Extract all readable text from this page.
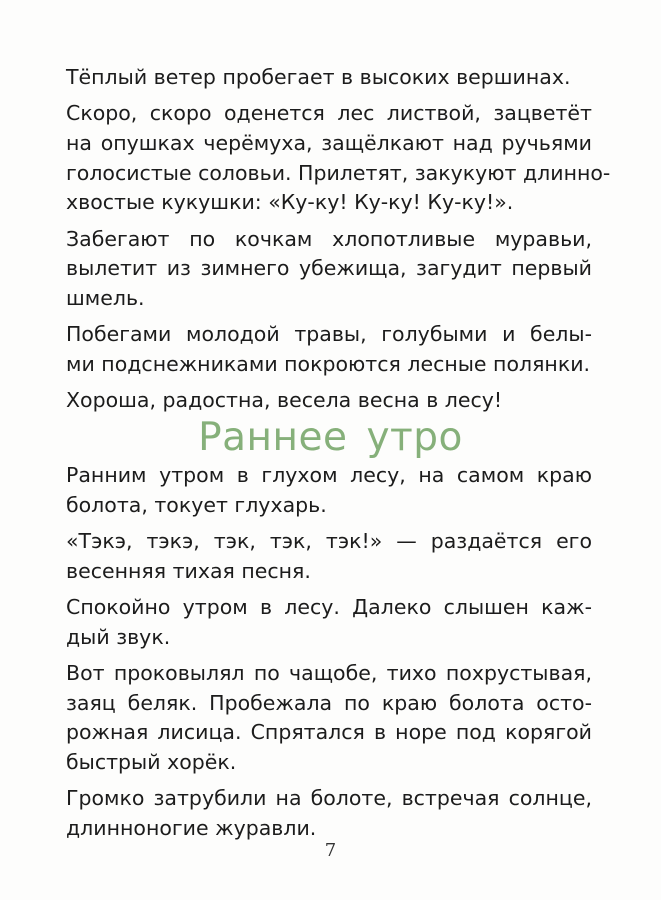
Тёплый ветер пробегает в высоких вершинах.
Скоро, скоро оденется лес листвой, зацветёт
на опушках черёмуха, защёлкают над ручьями
голосистые соловьи. Прилетят, закукуют длинно-
хвостые кукушки: «Ку-ку! Ку-ку! Ку-ку!».
Забегают по кочкам хлопотливые муравьи,
вылетит из зимнего убежища, загудит первый
шмель.
Побегами молодой травы, голубыми и белы-
ми подснежниками покроются лесные полянки.
Хороша, радостна, весела весна в лесу!
Раннее утро
Ранним утром в глухом лесу, на самом краю
болота, токует глухарь.
«Тэкэ, тэкэ, тэк, тэк, тэк!» — раздаётся его
весенняя тихая песня.
Спокойно утром в лесу. Далеко слышен каж-
дый звук.
Вот проковылял по чащобе, тихо похрустывая,
заяц беляк. Пробежала по краю болота осто-
рожная лисица. Спрятался в норе под корягой
быстрый хорёк.
Громко затрубили на болоте, встречая солнце,
длинноногие журавли.
7
